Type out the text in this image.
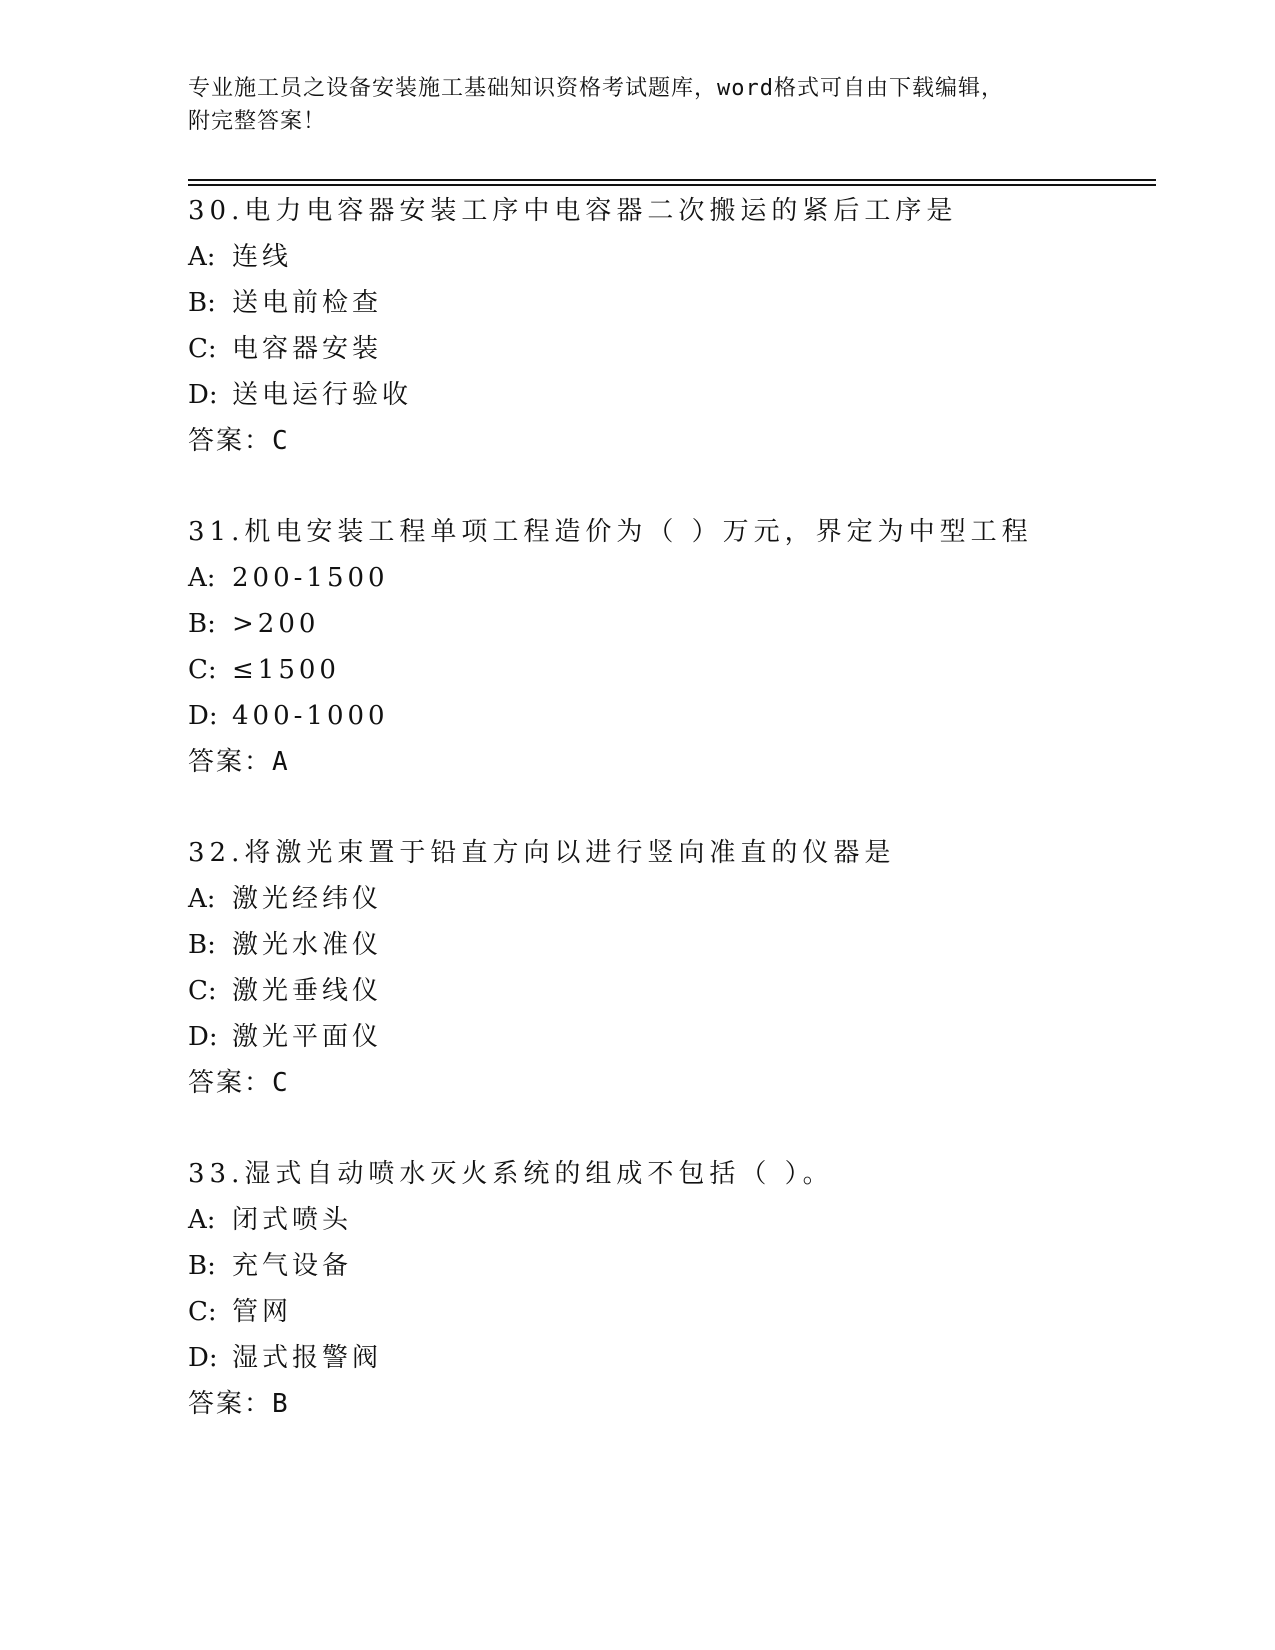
专业施工员之设备安装施工基础知识资格考试题库，word格式可自由下载编辑，
附完整答案！
30.电力电容器安装工序中电容器二次搬运的紧后工序是
A : 连线
B : 送电前检查
C : 电容器安装
D : 送电运行验收
答案：C
31.机电安装工程单项工程造价为（ ）万元，界定为中型工程
A : 200-1500
B : >200
C : ≤1500
D : 400-1000
答案：A
32.将激光束置于铅直方向以进行竖向准直的仪器是
A : 激光经纬仪
B : 激光水准仪
C : 激光垂线仪
D : 激光平面仪
答案：C
33.湿式自动喷水灭火系统的组成不包括（ ）。
A : 闭式喷头
B : 充气设备
C : 管网
D : 湿式报警阀
答案：B
